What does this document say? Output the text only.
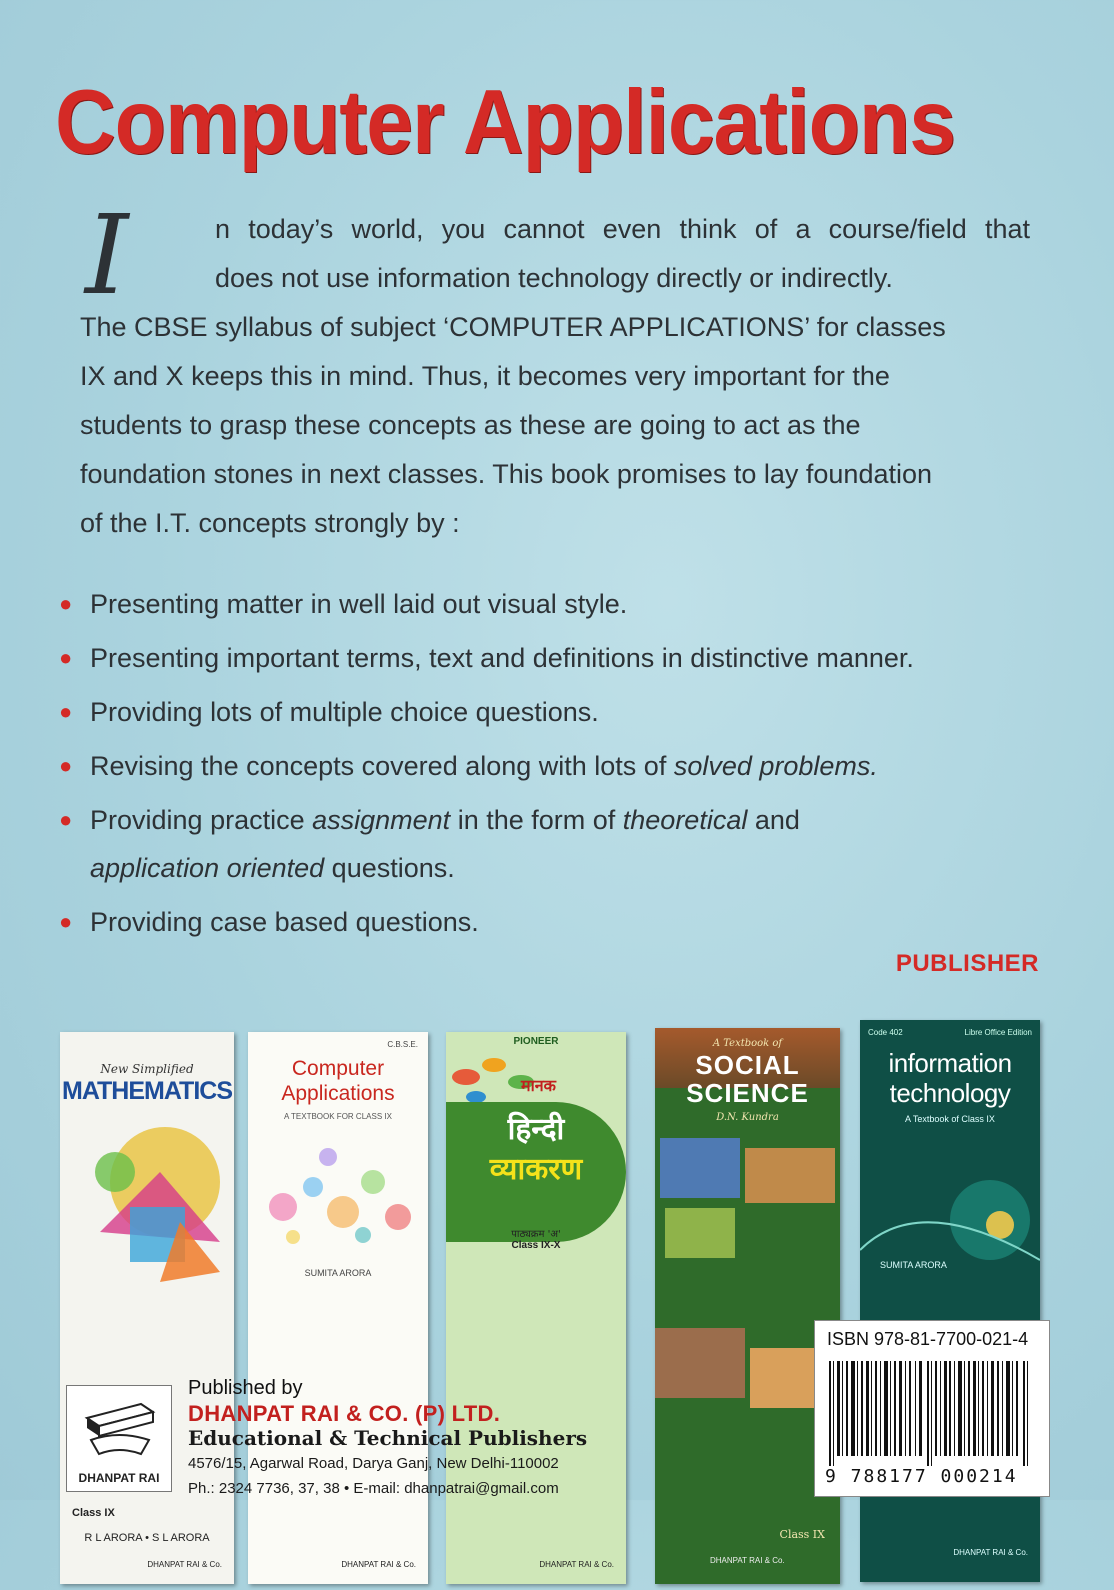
Computer Applications
I	n today’s world, you cannot even think of a course/field that
does not use information technology directly or indirectly.
The CBSE syllabus of subject ‘COMPUTER APPLICATIONS’ for classes
IX and X keeps this in mind. Thus, it becomes very important for the
students to grasp these concepts as these are going to act as the
foundation stones in next classes. This book promises to lay foundation
of the I.T. concepts strongly by :
● Presenting matter in well laid out visual style.
● Presenting important terms, text and definitions in distinctive manner.
● Providing lots of multiple choice questions.
● Revising the concepts covered along with lots of solved problems.
● Providing practice assignment in the form of theoretical and
application oriented questions.
● Providing case based questions.
PUBLISHER
New Simplified
MATHEMATICS
Class IX
R L ARORA • S L ARORA
DHANPAT RAI & Co.
C.B.S.E.
Computer
Applications
A TEXTBOOK FOR CLASS IX
SUMITA ARORA
DHANPAT RAI & Co.
PIONEER
मानक
हिन्दी
व्याकरण
पाठ्यक्रम 'अ'
Class IX-X
DHANPAT RAI & Co.
A Textbook of
SOCIAL
SCIENCE
D.N. Kundra
Class IX
DHANPAT RAI & Co.
Code 402	Libre Office Edition
information
technology
A Textbook of Class IX
SUMITA ARORA
DHANPAT RAI & Co.
ISBN 978-81-7700-021-4
9 788177 000214
DHANPAT RAI
Published by
DHANPAT RAI & CO. (P) LTD.
Educational & Technical Publishers
4576/15, Agarwal Road, Darya Ganj, New Delhi-110002
Ph.: 2324 7736, 37, 38 • E-mail: dhanpatrai@gmail.com
